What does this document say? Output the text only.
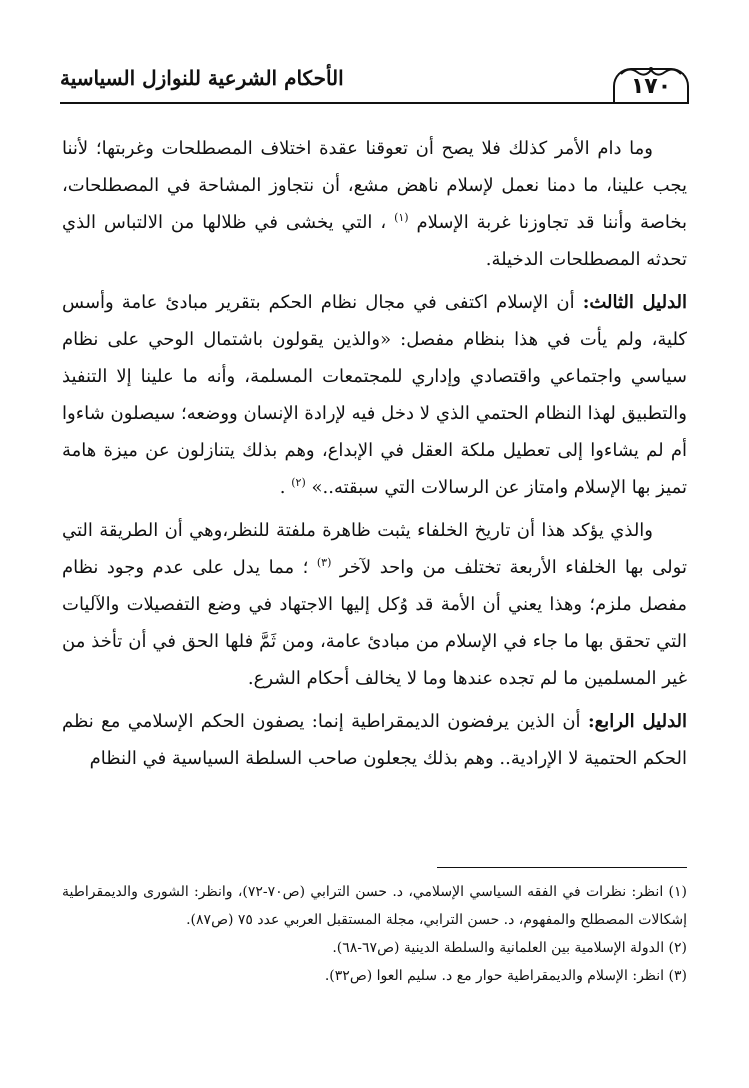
الأحكام الشرعية للنوازل السياسية	١٧٠

وما دام الأمر كذلك فلا يصح أن تعوقنا عقدة اختلاف المصطلحات وغربتها؛ لأننا يجب علينا، ما دمنا نعمل لإسلام ناهض مشع، أن نتجاوز المشاحة في المصطلحات، بخاصة وأننا قد تجاوزنا غربة الإسلام $^{(١)}$ ، التي يخشى في ظلالها من الالتباس الذي تحدثه المصطلحات الدخيلة.

الدليل الثالث: أن الإسلام اكتفى في مجال نظام الحكم بتقرير مبادئ عامة وأسس كلية، ولم يأت في هذا بنظام مفصل: «والذين يقولون باشتمال الوحي على نظام سياسي واجتماعي واقتصادي وإداري للمجتمعات المسلمة، وأنه ما علينا إلا التنفيذ والتطبيق لهذا النظام الحتمي الذي لا دخل فيه لإرادة الإنسان ووضعه؛ سيصلون شاءوا أم لم يشاءوا إلى تعطيل ملكة العقل في الإبداع، وهم بذلك يتنازلون عن ميزة هامة تميز بها الإسلام وامتاز عن الرسالات التي سبقته..» $^{(٢)}$ .

والذي يؤكد هذا أن تاريخ الخلفاء يثبت ظاهرة ملفتة للنظر،وهي أن الطريقة التي تولى بها الخلفاء الأربعة تختلف من واحد لآخر $^{(٣)}$ ؛ مما يدل على عدم وجود نظام مفصل ملزم؛ وهذا يعني أن الأمة قد وُكل إليها الاجتهاد في وضع التفصيلات والآليات التي تحقق بها ما جاء في الإسلام من مبادئ عامة، ومن ثَمَّ فلها الحق في أن تأخذ من غير المسلمين ما لم تجده عندها وما لا يخالف أحكام الشرع.

الدليل الرابع: أن الذين يرفضون الديمقراطية إنما: يصفون الحكم الإسلامي مع نظم الحكم الحتمية لا الإرادية.. وهم بذلك يجعلون صاحب السلطة السياسية في النظام

(١) انظر: نظرات في الفقه السياسي الإسلامي، د. حسن الترابي (ص٧٠-٧٢)، وانظر: الشورى والديمقراطية إشكالات المصطلح والمفهوم، د. حسن الترابي، مجلة المستقبل العربي عدد ٧٥ (ص٨٧).

(٢) الدولة الإسلامية بين العلمانية والسلطة الدينية (ص٦٧-٦٨).

(٣) انظر: الإسلام والديمقراطية حوار مع د. سليم العوا (ص٣٢).
